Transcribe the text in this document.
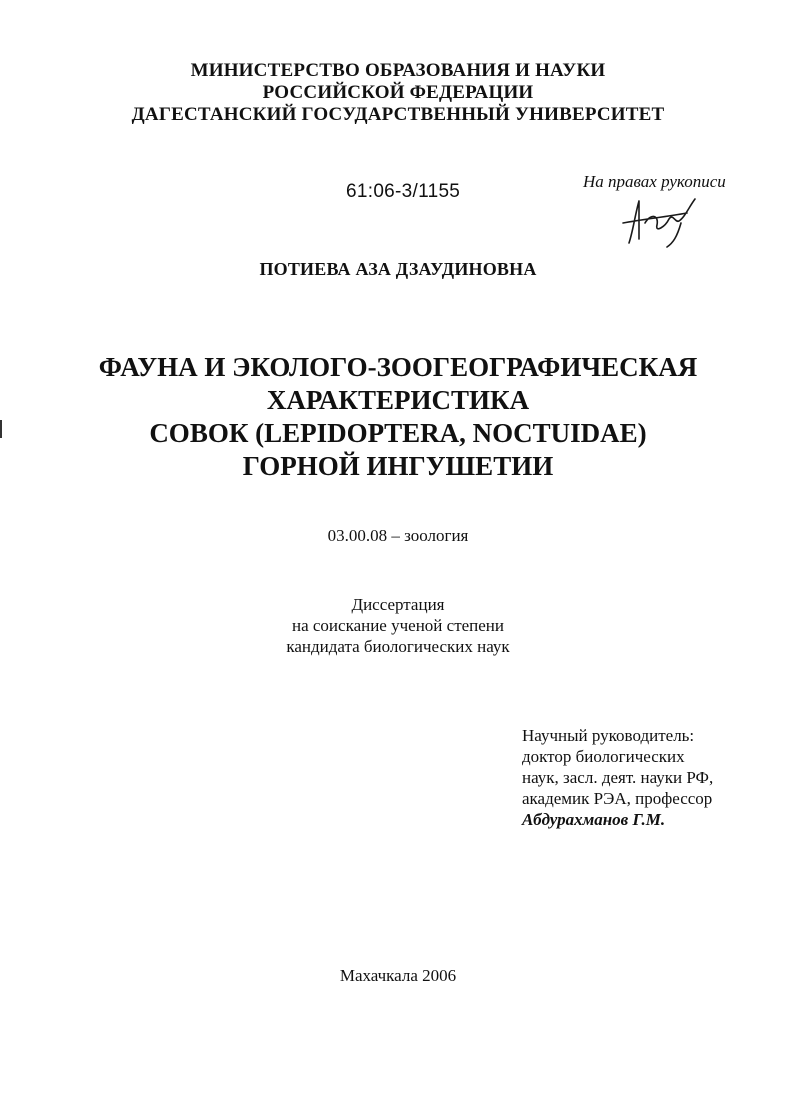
МИНИСТЕРСТВО ОБРАЗОВАНИЯ И НАУКИ
РОССИЙСКОЙ ФЕДЕРАЦИИ
ДАГЕСТАНСКИЙ ГОСУДАРСТВЕННЫЙ УНИВЕРСИТЕТ
61:06-3/1155	На правах рукописи
ПОТИЕВА АЗА ДЗАУДИНОВНА
ФАУНА И ЭКОЛОГО-ЗООГЕОГРАФИЧЕСКАЯ
ХАРАКТЕРИСТИКА
СОВОК (LEPIDOPTERA, NOCTUIDAE)
ГОРНОЙ ИНГУШЕТИИ
03.00.08 – зоология
Диссертация
на соискание ученой степени
кандидата биологических наук
Научный руководитель:
доктор биологических
наук, засл. деят. науки РФ,
академик РЭА, профессор
Абдурахманов Г.М.
Махачкала 2006
